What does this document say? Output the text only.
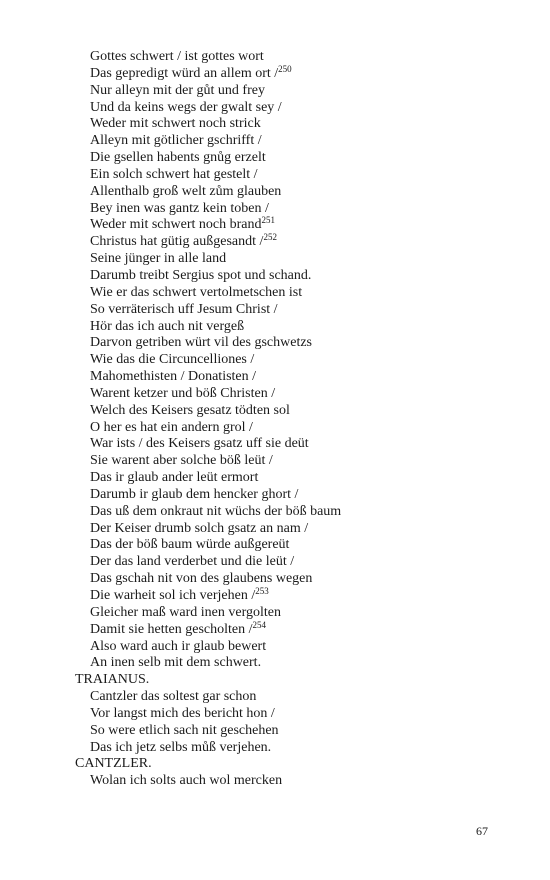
Gottes schwert / ist gottes wort
Das gepredigt würd an allem ort /$^{250}$
Nur alleyn mit der gůt und frey
Und da keins wegs der gwalt sey /
Weder mit schwert noch strick
Alleyn mit götlicher gschrifft /
Die gsellen habents gnůg erzelt
Ein solch schwert hat gestelt /
Allenthalb groß welt zům glauben
Bey inen was gantz kein toben /
Weder mit schwert noch brand$^{251}$
Christus hat gütig außgesandt /$^{252}$
Seine jünger in alle land
Darumb treibt Sergius spot und schand.
Wie er das schwert vertolmetschen ist
So verräterisch uff Jesum Christ /
Hör das ich auch nit vergeß
Darvon getriben würt vil des gschwetzs
Wie das die Circuncelliones /
Mahomethisten / Donatisten /
Warent ketzer und böß Christen /
Welch des Keisers gesatz tödten sol
O her es hat ein andern grol /
War ists / des Keisers gsatz uff sie deüt
Sie warent aber solche böß leüt /
Das ir glaub ander leüt ermort
Darumb ir glaub dem hencker ghort /
Das uß dem onkraut nit wüchs der böß baum
Der Keiser drumb solch gsatz an nam /
Das der böß baum würde außgereüt
Der das land verderbet und die leüt /
Das gschah nit von des glaubens wegen
Die warheit sol ich verjehen /$^{253}$
Gleicher maß ward inen vergolten
Damit sie hetten gescholten /$^{254}$
Also ward auch ir glaub bewert
An inen selb mit dem schwert.
TRAIANUS.
Cantzler das soltest gar schon
Vor langst mich des bericht hon /
So were etlich sach nit geschehen
Das ich jetz selbs můß verjehen.
CANTZLER.
Wolan ich solts auch wol mercken
67
